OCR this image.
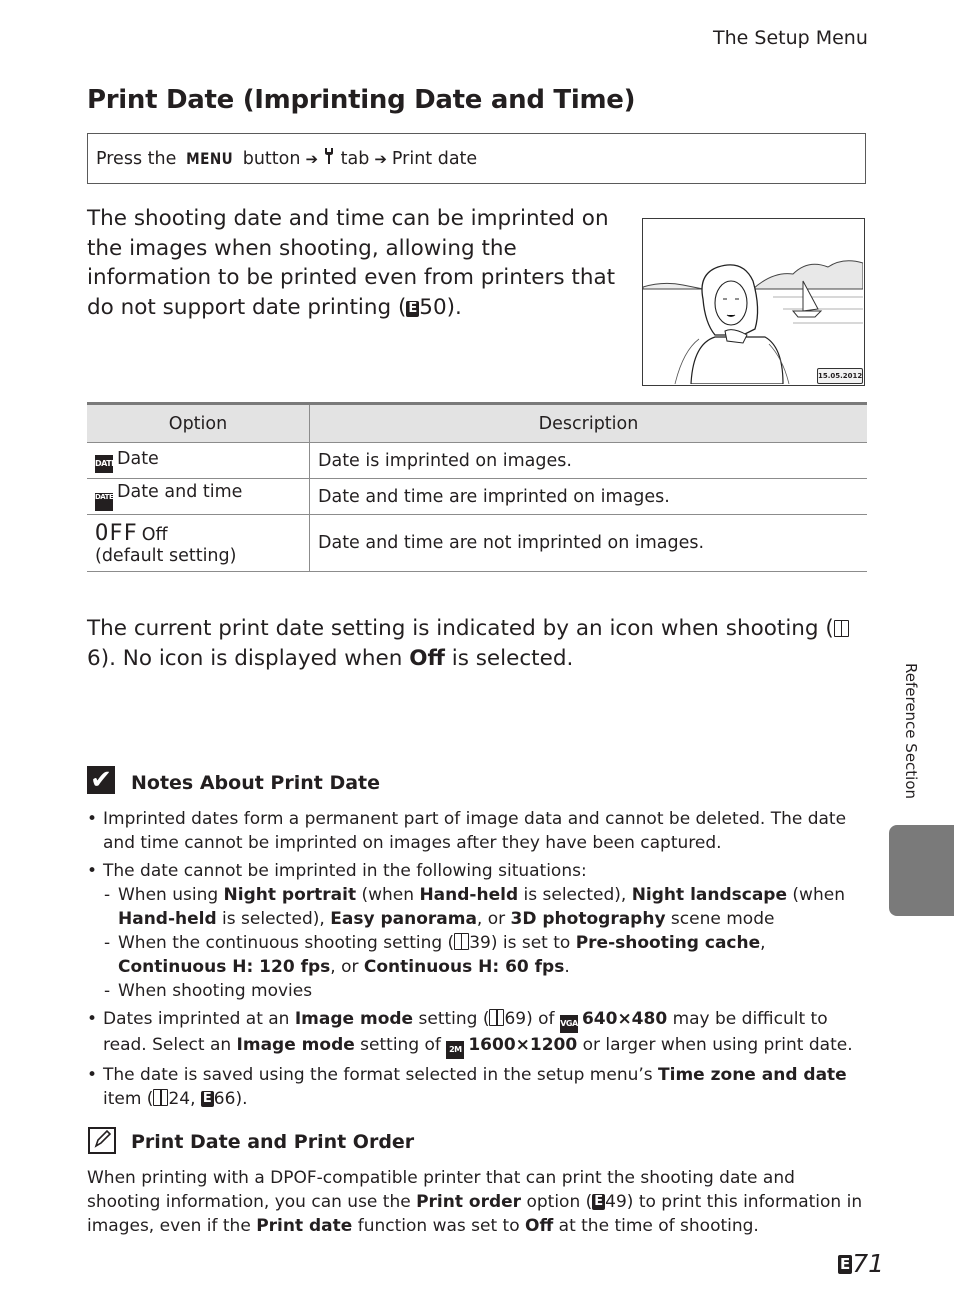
The Setup Menu
Print Date (Imprinting Date and Time)
Press the
MENU
button ➔
tab ➔ Print date
The shooting date and time can be imprinted on the images when shooting, allowing the information to be printed even from printers that do not support date printing ( E50).
15.05.2012
Option	Description
DATEDate	Date is imprinted on images.
DATE Date and time	Date and time are imprinted on images.
OFF Off
(default setting)	Date and time are not imprinted on images.
The current print date setting is indicated by an icon when shooting (6). No icon is displayed when Off is selected.
✔ Notes About Print Date
• Imprinted dates form a permanent part of image data and cannot be deleted. The date and time cannot be imprinted on images after they have been captured.
• The date cannot be imprinted in the following situations:
- When using Night portrait (when Hand-held is selected), Night landscape (when Hand-held is selected), Easy panorama, or 3D photography scene mode
- When the continuous shooting setting ( 39) is set to Pre-shooting cache, Continuous H: 120 fps, or Continuous H: 60 fps.
- When shooting movies
• Dates imprinted at an Image mode setting ( 69) of VGA 640×480 may be difficult to read. Select an Image mode setting of 2M 1600×1200 or larger when using print date.
• The date is saved using the format selected in the setup menu’s Time zone and date item ( 24, E 66).
Print Date and Print Order
When printing with a DPOF-compatible printer that can print the shooting date and shooting information, you can use the Print order option ( E 49) to print this information in images, even if the Print date function was set to Off at the time of shooting.
E71
Reference Section
